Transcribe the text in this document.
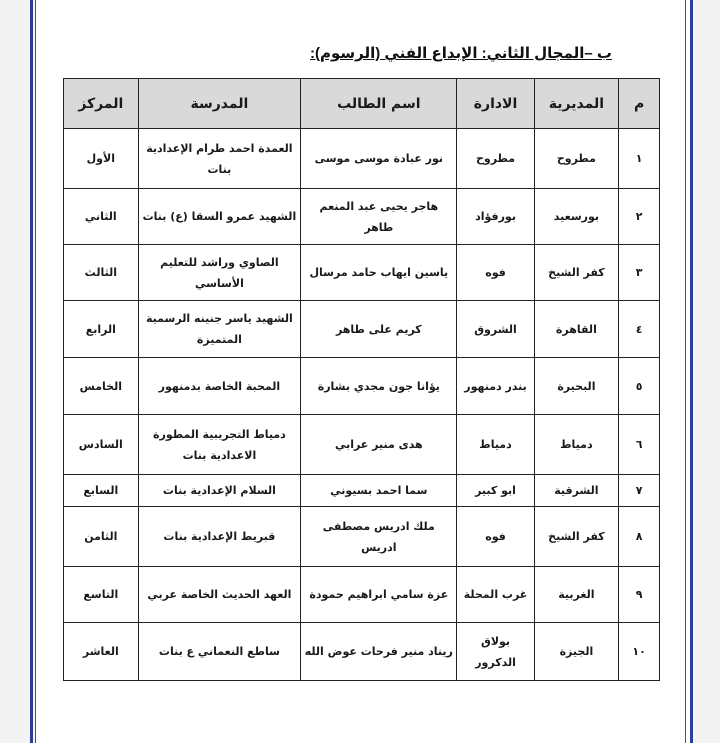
ب –المجال الثاني: الإبداع الفني (الرسوم):
م	المديرية	الادارة	اسم الطالب	المدرسة	المركز
١	مطروح	مطروح	نور عبادة موسى موسى	العمدة احمد طرام الإعدادية بنات	الأول
٢	بورسعيد	بورفؤاد	هاجر يحيى عبد المنعم طاهر	الشهيد عمرو السقا (ع) بنات	الثاني
٣	كفر الشيخ	فوه	ياسين ايهاب حامد مرسال	الصاوي وراشد للتعليم الأساسي	الثالث
٤	القاهرة	الشروق	كريم على طاهر	الشهيد ياسر جنينه الرسمية المتميزة	الرابع
٥	البحيرة	بندر دمنهور	يؤانا جون مجدي بشارة	المحبة الخاصة بدمنهور	الخامس
٦	دمياط	دمياط	هدى منير عرابي	دمياط التجريبية المطورة الاعدادية بنات	السادس
٧	الشرقية	ابو كبير	سما احمد بسيوني	السلام الإعدادية بنات	السابع
٨	كفر الشيخ	فوه	ملك ادريس مصطفى ادريس	قبريط الإعدادية بنات	الثامن
٩	الغربية	غرب المحلة	عزة سامي ابراهيم حمودة	العهد الحديث الخاصة عربي	التاسع
١٠	الجيزة	بولاق الدكرور	ريناد منير فرحات عوض الله	ساطع النعماني ع بنات	العاشر
